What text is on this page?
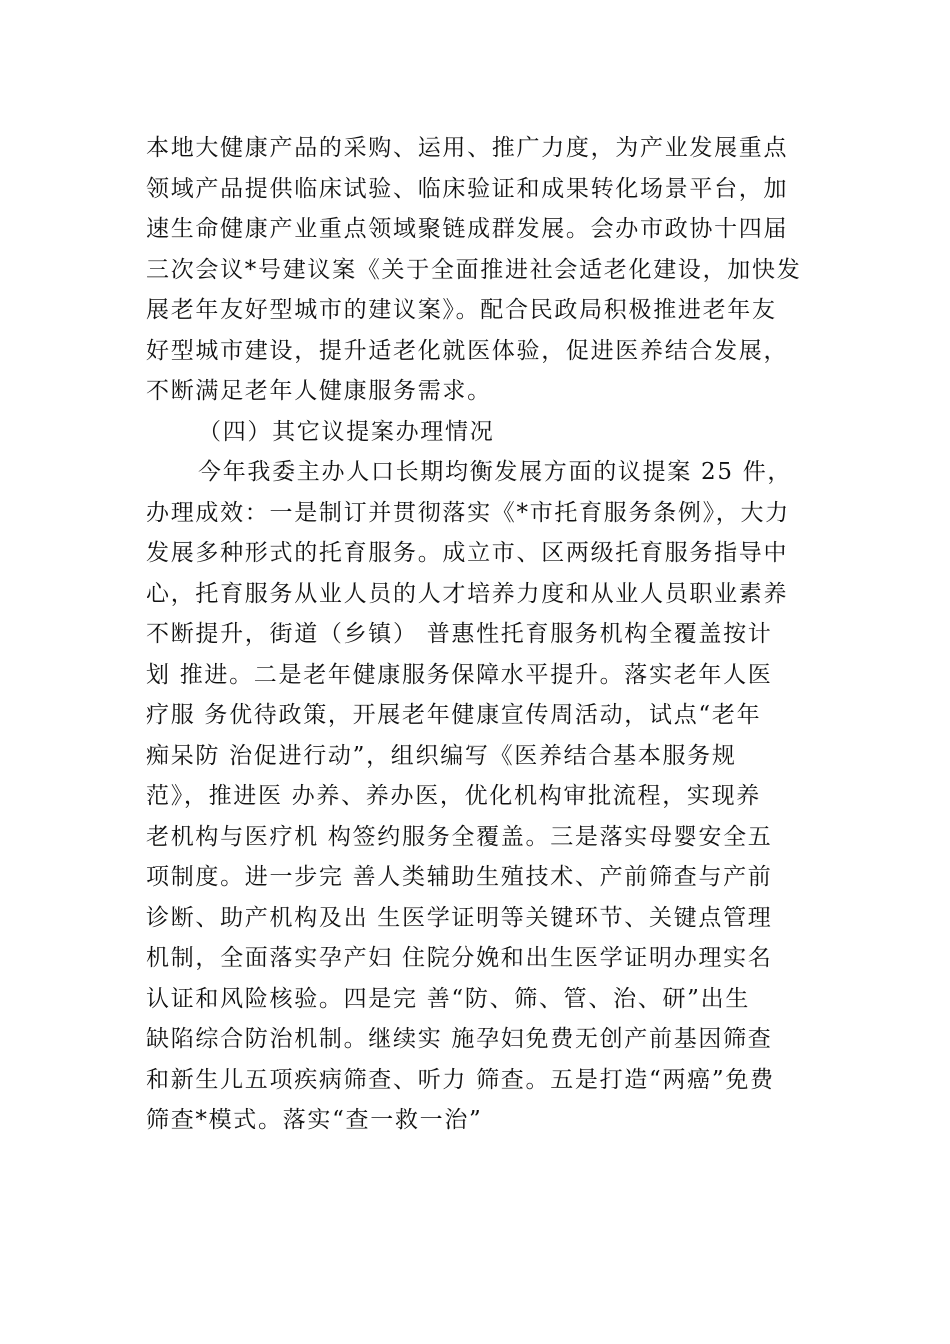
本地大健康产品的采购、运用、推广力度，为产业发展重点
领域产品提供临床试验、临床验证和成果转化场景平台，加
速生命健康产业重点领域聚链成群发展。会办市政协十四届
三次会议*号建议案《关于全面推进社会适老化建设，加快发
展老年友好型城市的建议案》。配合民政局积极推进老年友
好型城市建设，提升适老化就医体验，促进医养结合发展，
不断满足老年人健康服务需求。
（四）其它议提案办理情况
今年我委主办人口长期均衡发展方面的议提案 25 件，
办理成效：一是制订并贯彻落实《*市托育服务条例》，大力
发展多种形式的托育服务。成立市、区两级托育服务指导中
心，托育服务从业人员的人才培养力度和从业人员职业素养
不断提升，街道（乡镇） 普惠性托育服务机构全覆盖按计
划 推进。二是老年健康服务保障水平提升。落实老年人医
疗服 务优待政策，开展老年健康宣传周活动，试点“老年
痴呆防 治促进行动”，组织编写《医养结合基本服务规
范》，推进医 办养、养办医，优化机构审批流程，实现养
老机构与医疗机 构签约服务全覆盖。三是落实母婴安全五
项制度。进一步完 善人类辅助生殖技术、产前筛查与产前
诊断、助产机构及出 生医学证明等关键环节、关键点管理
机制，全面落实孕产妇 住院分娩和出生医学证明办理实名
认证和风险核验。四是完 善“防、筛、管、治、研”出生
缺陷综合防治机制。继续实 施孕妇免费无创产前基因筛查
和新生儿五项疾病筛查、听力 筛查。五是打造“两癌”免费
筛查*模式。落实“查一救一治”
